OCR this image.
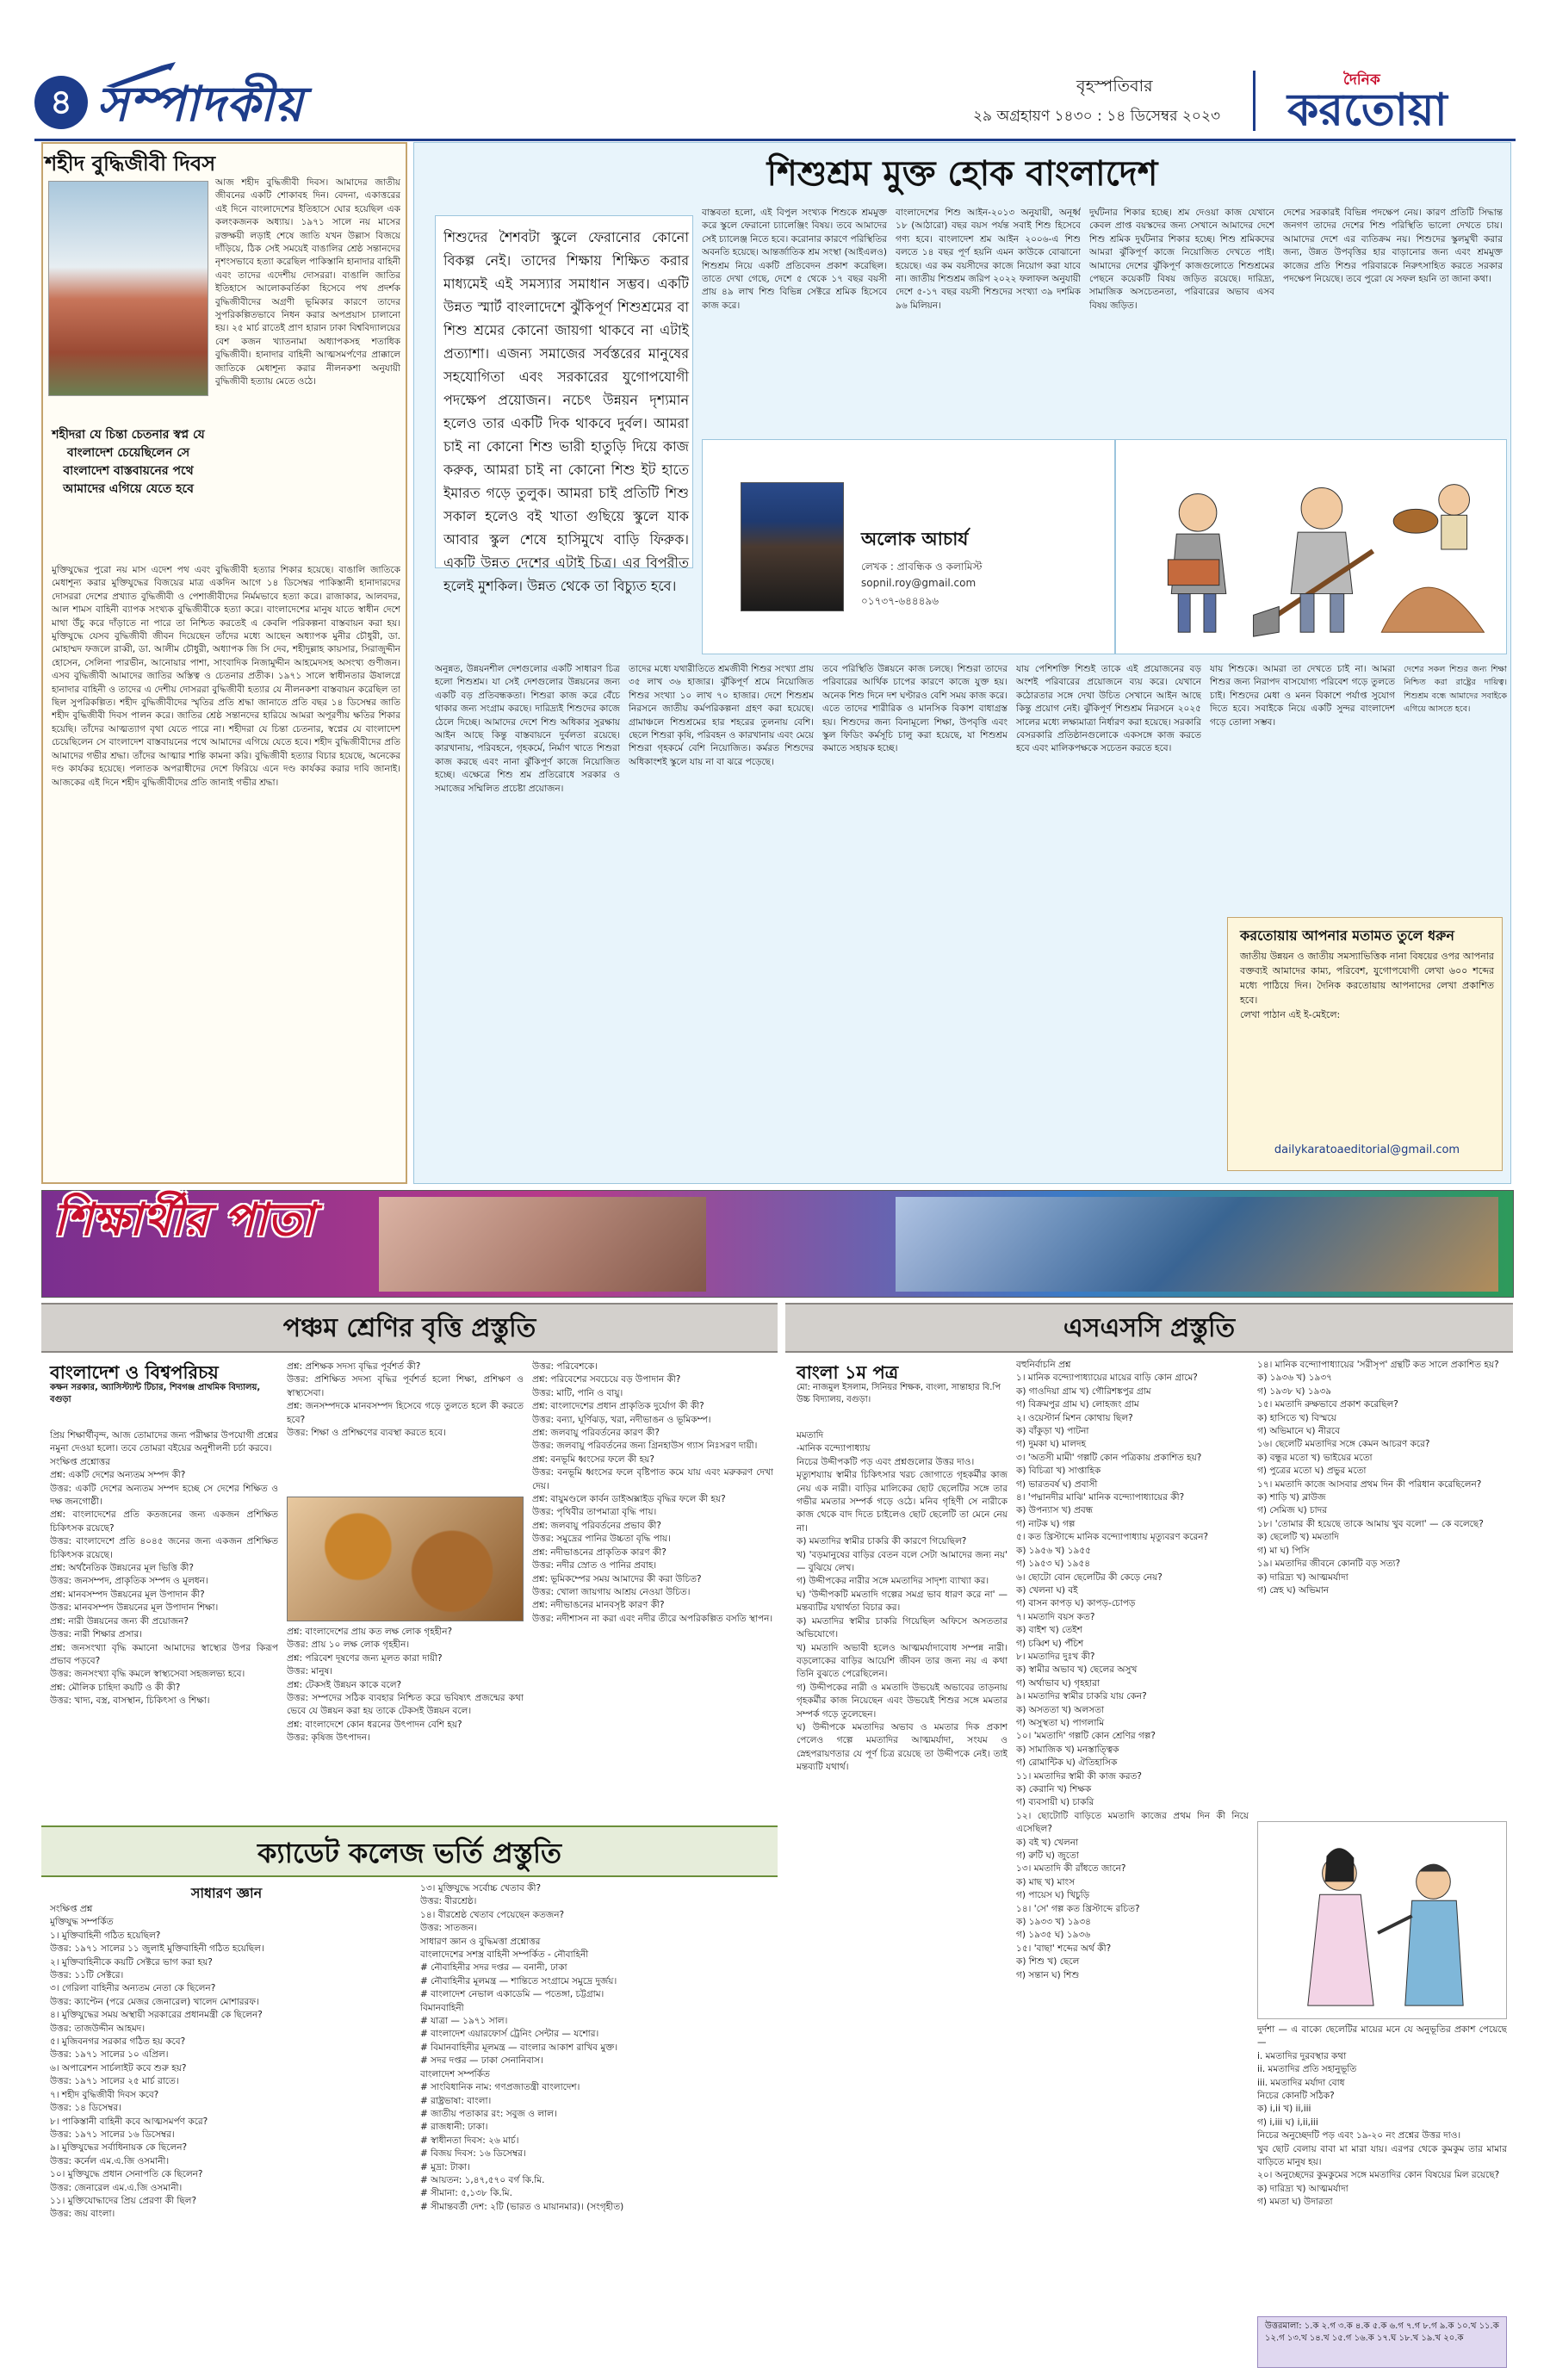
৪ সম্পাদকীয়	বৃহস্পতিবার
২৯ অগ্রহায়ণ ১৪৩০ : ১৪ ডিসেম্বর ২০২৩
দৈনিক
করতোয়া
শহীদ বুদ্ধিজীবী দিবস
শহীদরা যে চিন্তা চেতনার স্বপ্ন যে বাংলাদেশ চেয়েছিলেন সে বাংলাদেশ বাস্তবায়নের পথে আমাদের এগিয়ে যেতে হবে
আজ শহীদ বুদ্ধিজীবী দিবস। আমাদের জাতীয় জীবনের একটি শোকাবহ দিন। বেদনা, একাত্তরের এই দিনে বাংলাদেশের ইতিহাসে ঘোর হয়েছিল এক কলংকজনক অধ্যায়। ১৯৭১ সালে নয় মাসের রক্তক্ষয়ী লড়াই শেষে জাতি যখন উল্লাস বিজয়ে দাঁড়িয়ে, ঠিক সেই সময়েই বাঙালির শ্রেষ্ঠ সন্তানদের নৃশংসভাবে হত্যা করেছিল পাকিস্তানি হানাদার বাহিনী এবং তাদের এদেশীয় দোসররা। বাঙালি জাতির ইতিহাসে আলোকবর্তিকা হিসেবে পথ প্রদর্শক বুদ্ধিজীবীদের অগ্রণী ভূমিকার কারণে তাদের সুপরিকল্পিতভাবে নিধন করার অপপ্রয়াস চালানো হয়। ২৫ মার্চ রাতেই প্রাণ হারান ঢাকা বিশ্ববিদ্যালয়ের বেশ কজন খ্যাতনামা অধ্যাপকসহ শতাধিক বুদ্ধিজীবী। হানাদার বাহিনী আত্মসমর্পণের প্রাক্কালে জাতিকে মেধাশূন্য করার নীলনকশা অনুযায়ী বুদ্ধিজীবী হত্যায় মেতে ওঠে।
মুক্তিযুদ্ধের পুরো নয় মাস এদেশ পথ এবং বুদ্ধিজীবী হত্যার শিকার হয়েছে। বাঙালি জাতিকে মেধাশূন্য করার মুক্তিযুদ্ধের বিজয়ের মাত্র একদিন আগে ১৪ ডিসেম্বর পাকিস্তানী হানাদারদের দোসররা দেশের প্রখ্যাত বুদ্ধিজীবী ও পেশাজীবীদের নির্মমভাবে হত্যা করে। রাজাকার, আলবদর, আল শামস বাহিনী ব্যাপক সংখ্যক বুদ্ধিজীবীকে হত্যা করে। বাংলাদেশের মানুষ যাতে স্বাধীন দেশে মাথা উঁচু করে দাঁড়াতে না পারে তা নিশ্চিত করতেই এ কেবলি পরিকল্পনা বাস্তবায়ন করা হয়। মুক্তিযুদ্ধে যেসব বুদ্ধিজীবী জীবন দিয়েছেন তাঁদের মধ্যে আছেন অধ্যাপক মুনীর চৌধুরী, ডা. মোহাম্মদ ফজলে রাব্বী, ডা. আলীম চৌধুরী, অধ্যাপক জি সি দেব, শহীদুল্লাহ কায়সার, সিরাজুদ্দীন হোসেন, সেলিনা পারভীন, আনোয়ার পাশা, সাংবাদিক নিজামুদ্দীন আহমেদসহ অসংখ্য গুণীজন। এসব বুদ্ধিজীবী আমাদের জাতির অস্তিত্ব ও চেতনার প্রতীক। ১৯৭১ সালে স্বাধীনতার ঊষালগ্নে হানাদার বাহিনী ও তাদের এ দেশীয় দোসররা বুদ্ধিজীবী হত্যার যে নীলনকশা বাস্তবায়ন করেছিল তা ছিল সুপরিকল্পিত। শহীদ বুদ্ধিজীবীদের স্মৃতির প্রতি শ্রদ্ধা জানাতে প্রতি বছর ১৪ ডিসেম্বর জাতি শহীদ বুদ্ধিজীবী দিবস পালন করে। জাতির শ্রেষ্ঠ সন্তানদের হারিয়ে আমরা অপূরণীয় ক্ষতির শিকার হয়েছি। তাঁদের আত্মত্যাগ বৃথা যেতে পারে না। শহীদরা যে চিন্তা চেতনার, স্বপ্নের যে বাংলাদেশ চেয়েছিলেন সে বাংলাদেশ বাস্তবায়নের পথে আমাদের এগিয়ে যেতে হবে। শহীদ বুদ্ধিজীবীদের প্রতি আমাদের গভীর শ্রদ্ধা। তাঁদের আত্মার শান্তি কামনা করি। বুদ্ধিজীবী হত্যার বিচার হয়েছে, অনেকের দণ্ড কার্যকর হয়েছে। পলাতক অপরাধীদের দেশে ফিরিয়ে এনে দণ্ড কার্যকর করার দাবি জানাই। আজকের এই দিনে শহীদ বুদ্ধিজীবীদের প্রতি জানাই গভীর শ্রদ্ধা।
শিশুশ্রম মুক্ত হোক বাংলাদেশ
শিশুদের শৈশবটা স্কুলে ফেরানোর কোনো বিকল্প নেই। তাদের শিক্ষায় শিক্ষিত করার মাধ্যমেই এই সমস্যার সমাধান সম্ভব। একটি উন্নত স্মার্ট বাংলাদেশে ঝুঁকিপূর্ণ শিশুশ্রমের বা শিশু শ্রমের কোনো জায়গা থাকবে না এটাই প্রত্যাশা। এজন্য সমাজের সর্বস্তরের মানুষের সহযোগিতা এবং সরকারের যুগোপযোগী পদক্ষেপ প্রয়োজন। নচেৎ উন্নয়ন দৃশ্যমান হলেও তার একটি দিক থাকবে দুর্বল। আমরা চাই না কোনো শিশু ভারী হাতুড়ি দিয়ে কাজ করুক, আমরা চাই না কোনো শিশু ইট হাতে ইমারত গড়ে তুলুক। আমরা চাই প্রতিটি শিশু সকাল হলেও বই খাতা গুছিয়ে স্কুলে যাক আবার স্কুল শেষে হাসিমুখে বাড়ি ফিরুক। একটি উন্নত দেশের এটাই চিত্র। এর বিপরীত হলেই মুশকিল। উন্নত থেকে তা বিচ্যুত হবে।
বাস্তবতা হলো, এই বিপুল সংখ্যক শিশুকে শ্রমমুক্ত করে স্কুলে ফেরানো চ্যালেঞ্জিং বিষয়। তবে আমাদের সেই চ্যালেঞ্জ নিতে হবে। করোনার কারণে পরিস্থিতির অবনতি হয়েছে। আন্তর্জাতিক শ্রম সংস্থা (আইএলও) শিশুশ্রম নিয়ে একটি প্রতিবেদন প্রকাশ করেছিল। তাতে দেখা গেছে, দেশে ৫ থেকে ১৭ বছর বয়সী প্রায় ৪৯ লাখ শিশু বিভিন্ন সেক্টরে শ্রমিক হিসেবে কাজ করে।
বাংলাদেশের শিশু আইন-২০১৩ অনুযায়ী, অনূর্ধ্ব ১৮ (আঠারো) বছর বয়স পর্যন্ত সবাই শিশু হিসেবে গণ্য হবে। বাংলাদেশ শ্রম আইন ২০০৬-এ শিশু বলতে ১৪ বছর পূর্ণ হয়নি এমন কাউকে বোঝানো হয়েছে। এর কম বয়সীদের কাজে নিয়োগ করা যাবে না। জাতীয় শিশুশ্রম জরিপ ২০২২ ফলাফল অনুযায়ী দেশে ৫-১৭ বছর বয়সী শিশুদের সংখ্যা ৩৯ দশমিক ৯৬ মিলিয়ন।
দুর্ঘটনার শিকার হচ্ছে। শ্রম দেওয়া কাজ যেখানে কেবল প্রাপ্ত বয়স্কদের জন্য সেখানে আমাদের দেশে শিশু শ্রমিক দুর্ঘটনার শিকার হচ্ছে। শিশু শ্রমিকদের আমরা ঝুঁকিপূর্ণ কাজে নিয়োজিত দেখতে পাই। আমাদের দেশের ঝুঁকিপূর্ণ কাজগুলোতে শিশুশ্রমের পেছনে কয়েকটি বিষয় জড়িত রয়েছে। দারিদ্র্য, সামাজিক অসচেতনতা, পরিবারের অভাব এসব বিষয় জড়িত।
দেশের সরকারই বিভিন্ন পদক্ষেপ নেয়। কারণ প্রতিটি সিদ্ধান্ত জনগণ তাদের দেশের শিশু পরিস্থিতি ভালো দেখতে চায়। আমাদের দেশে এর ব্যতিক্রম নয়। শিশুদের স্কুলমুখী করার জন্য, উন্নত উপবৃত্তির হার বাড়ানোর জন্য এবং শ্রমমুক্ত কাজের প্রতি শিশুর পরিবারকে নিরুৎসাহিত করতে সরকার পদক্ষেপ নিয়েছে। তবে পুরো যে সফল হয়নি তা জানা কথা।
অলোক আচার্য
লেখক : প্রাবন্ধিক ও কলামিস্ট
sopnil.roy@gmail.com
০১৭৩৭-৬৪৪৪৯৬
অনুন্নত, উন্নয়নশীল দেশগুলোর একটি সাধারণ চিত্র হলো শিশুশ্রম। যা সেই দেশগুলোর উন্নয়নের জন্য একটি বড় প্রতিবন্ধকতা। শিশুরা কাজ করে বেঁচে থাকার জন্য সংগ্রাম করছে। দারিদ্র্যই শিশুদের কাজে ঠেলে দিচ্ছে। আমাদের দেশে শিশু অধিকার সুরক্ষায় আইন আছে কিন্তু বাস্তবায়নে দুর্বলতা রয়েছে। কারখানায়, পরিবহনে, গৃহকর্মে, নির্মাণ খাতে শিশুরা কাজ করছে এবং নানা ঝুঁকিপূর্ণ কাজে নিয়োজিত হচ্ছে। এক্ষেত্রে শিশু শ্রম প্রতিরোধে সরকার ও সমাজের সম্মিলিত প্রচেষ্টা প্রয়োজন।
তাদের মধ্যে যথারীতিতে শ্রমজীবী শিশুর সংখ্যা প্রায় ৩৫ লাখ ৩৬ হাজার। ঝুঁকিপূর্ণ শ্রমে নিয়োজিত শিশুর সংখ্যা ১০ লাখ ৭০ হাজার। দেশে শিশুশ্রম নিরসনে জাতীয় কর্মপরিকল্পনা গ্রহণ করা হয়েছে। গ্রামাঞ্চলে শিশুশ্রমের হার শহরের তুলনায় বেশি। ছেলে শিশুরা কৃষি, পরিবহন ও কারখানায় এবং মেয়ে শিশুরা গৃহকর্মে বেশি নিয়োজিত। কর্মরত শিশুদের অধিকাংশই স্কুলে যায় না বা ঝরে পড়েছে।
তবে পরিস্থিতি উন্নয়নে কাজ চলছে। শিশুরা তাদের পরিবারের আর্থিক চাপের কারণে কাজে যুক্ত হয়। অনেক শিশু দিনে দশ ঘণ্টারও বেশি সময় কাজ করে। এতে তাদের শারীরিক ও মানসিক বিকাশ বাধাগ্রস্ত হয়। শিশুদের জন্য বিনামূল্যে শিক্ষা, উপবৃত্তি এবং স্কুল ফিডিং কর্মসূচি চালু করা হয়েছে, যা শিশুশ্রম কমাতে সহায়ক হচ্ছে।
যায় পেশিশক্তি শিশুই তাকে এই প্রয়োজনের বড় অংশই পরিবারের প্রয়োজনে ব্যয় করে। যেখানে কঠোরতার সঙ্গে দেখা উচিত সেখানে আইন আছে কিন্তু প্রয়োগ নেই। ঝুঁকিপূর্ণ শিশুশ্রম নিরসনে ২০২৫ সালের মধ্যে লক্ষ্যমাত্রা নির্ধারণ করা হয়েছে। সরকারি বেসরকারি প্রতিষ্ঠানগুলোকে একসঙ্গে কাজ করতে হবে এবং মালিকপক্ষকে সচেতন করতে হবে।
যায় শিশুকে। আমরা তা দেখতে চাই না। আমরা শিশুর জন্য নিরাপদ বাসযোগ্য পরিবেশ গড়ে তুলতে চাই। শিশুদের মেধা ও মনন বিকাশে পর্যাপ্ত সুযোগ দিতে হবে। সবাইকে নিয়ে একটি সুন্দর বাংলাদেশ গড়ে তোলা সম্ভব।
দেশের সকল শিশুর জন্য শিক্ষা নিশ্চিত করা রাষ্ট্রের দায়িত্ব। শিশুশ্রম বন্ধে আমাদের সবাইকে এগিয়ে আসতে হবে।
করতোয়ায় আপনার মতামত তুলে ধরুন
জাতীয় উন্নয়ন ও জাতীয় সমস্যাভিত্তিক নানা বিষয়ের ওপর আপনার বক্তব্যই আমাদের কাম্য, পরিবেশ, যুগোপযোগী লেখা ৬০০ শব্দের মধ্যে পাঠিয়ে দিন। দৈনিক করতোয়ায় আপনাদের লেখা প্রকাশিত হবে।
লেখা পাঠান এই ই-মেইলে:
dailykaratoaeditorial@gmail.com
শিক্ষার্থীর পাতা
পঞ্চম শ্রেণির বৃত্তি প্রস্তুতি
বাংলাদেশ ও বিশ্বপরিচয়
কক্ষন সরকার, অ্যাসিস্ট্যান্ট টিচার, শিবগঞ্জ প্রাথমিক বিদ্যালয়, বগুড়া
প্রিয় শিক্ষার্থীবৃন্দ, আজ তোমাদের জন্য পরীক্ষার উপযোগী প্রশ্নের নমুনা দেওয়া হলো। তবে তোমরা বইয়ের অনুশীলনী চর্চা করবে।
সংক্ষিপ্ত প্রশ্নোত্তর
প্রশ্ন: একটি দেশের অন্যতম সম্পদ কী?
উত্তর: একটি দেশের অন্যতম সম্পদ হচ্ছে সে দেশের শিক্ষিত ও দক্ষ জনগোষ্ঠী।
প্রশ্ন: বাংলাদেশের প্রতি কতজনের জন্য একজন প্রশিক্ষিত চিকিৎসক রয়েছে?
উত্তর: বাংলাদেশে প্রতি ৪০৪৫ জনের জন্য একজন প্রশিক্ষিত চিকিৎসক রয়েছে।
প্রশ্ন: অর্থনৈতিক উন্নয়নের মূল ভিত্তি কী?
উত্তর: জনসম্পদ, প্রাকৃতিক সম্পদ ও মূলধন।
প্রশ্ন: মানবসম্পদ উন্নয়নের মূল উপাদান কী?
উত্তর: মানবসম্পদ উন্নয়নের মূল উপাদান শিক্ষা।
প্রশ্ন: নারী উন্নয়নের জন্য কী প্রয়োজন?
উত্তর: নারী শিক্ষার প্রসার।
প্রশ্ন: জনসংখ্যা বৃদ্ধি কমানো আমাদের স্বাস্থ্যের উপর কিরূপ প্রভাব পড়বে?
উত্তর: জনসংখ্যা বৃদ্ধি কমলে স্বাস্থ্যসেবা সহজলভ্য হবে।
প্রশ্ন: মৌলিক চাহিদা কয়টি ও কী কী?
উত্তর: খাদ্য, বস্ত্র, বাসস্থান, চিকিৎসা ও শিক্ষা।
প্রশ্ন: প্রশিক্ষক সদস্য বৃদ্ধির পূর্বশর্ত কী?
উত্তর: প্রশিক্ষিত সদস্য বৃদ্ধির পূর্বশর্ত হলো শিক্ষা, প্রশিক্ষণ ও স্বাস্থ্যসেবা।
প্রশ্ন: জনসম্পদকে মানবসম্পদ হিসেবে গড়ে তুলতে হলে কী করতে হবে?
উত্তর: শিক্ষা ও প্রশিক্ষণের ব্যবস্থা করতে হবে।
প্রশ্ন: বাংলাদেশের প্রায় কত লক্ষ লোক গৃহহীন?
উত্তর: প্রায় ১০ লক্ষ লোক গৃহহীন।
প্রশ্ন: পরিবেশ দূষণের জন্য মূলত কারা দায়ী?
উত্তর: মানুষ।
প্রশ্ন: টেকসই উন্নয়ন কাকে বলে?
উত্তর: সম্পদের সঠিক ব্যবহার নিশ্চিত করে ভবিষ্যৎ প্রজন্মের কথা ভেবে যে উন্নয়ন করা হয় তাকে টেকসই উন্নয়ন বলে।
প্রশ্ন: বাংলাদেশে কোন ধরনের উৎপাদন বেশি হয়?
উত্তর: কৃষিজ উৎপাদন।
উত্তর: পরিবেশকে।
প্রশ্ন: পরিবেশের সবচেয়ে বড় উপাদান কী?
উত্তর: মাটি, পানি ও বায়ু।
প্রশ্ন: বাংলাদেশের প্রধান প্রাকৃতিক দুর্যোগ কী কী?
উত্তর: বন্যা, ঘূর্ণিঝড়, খরা, নদীভাঙন ও ভূমিকম্প।
প্রশ্ন: জলবায়ু পরিবর্তনের কারণ কী?
উত্তর: জলবায়ু পরিবর্তনের জন্য গ্রিনহাউস গ্যাস নিঃসরণ দায়ী।
প্রশ্ন: বনভূমি ধ্বংসের ফলে কী হয়?
উত্তর: বনভূমি ধ্বংসের ফলে বৃষ্টিপাত কমে যায় এবং মরুকরণ দেখা দেয়।
প্রশ্ন: বায়ুমণ্ডলে কার্বন ডাইঅক্সাইড বৃদ্ধির ফলে কী হয়?
উত্তর: পৃথিবীর তাপমাত্রা বৃদ্ধি পায়।
প্রশ্ন: জলবায়ু পরিবর্তনের প্রভাব কী?
উত্তর: সমুদ্রের পানির উচ্চতা বৃদ্ধি পায়।
প্রশ্ন: নদীভাঙনের প্রাকৃতিক কারণ কী?
উত্তর: নদীর স্রোত ও পানির প্রবাহ।
প্রশ্ন: ভূমিকম্পের সময় আমাদের কী করা উচিত?
উত্তর: খোলা জায়গায় আশ্রয় নেওয়া উচিত।
প্রশ্ন: নদীভাঙনের মানবসৃষ্ট কারণ কী?
উত্তর: নদীশাসন না করা এবং নদীর তীরে অপরিকল্পিত বসতি স্থাপন।
ক্যাডেট কলেজ ভর্তি প্রস্তুতি
সাধারণ জ্ঞান
সংক্ষিপ্ত প্রশ্ন
মুক্তিযুদ্ধ সম্পর্কিত
১। মুক্তিবাহিনী গঠিত হয়েছিল?
উত্তর: ১৯৭১ সালের ১১ জুলাই মুক্তিবাহিনী গঠিত হয়েছিল।
২। মুক্তিবাহিনীকে কয়টি সেক্টরে ভাগ করা হয়?
উত্তর: ১১টি সেক্টরে।
৩। গেরিলা বাহিনীর অন্যতম নেতা কে ছিলেন?
উত্তর: ক্যাপ্টেন (পরে মেজর জেনারেল) খালেদ মোশাররফ।
৪। মুক্তিযুদ্ধের সময় অস্থায়ী সরকারের প্রধানমন্ত্রী কে ছিলেন?
উত্তর: তাজউদ্দীন আহমদ।
৫। মুজিবনগর সরকার গঠিত হয় কবে?
উত্তর: ১৯৭১ সালের ১০ এপ্রিল।
৬। অপারেশন সার্চলাইট কবে শুরু হয়?
উত্তর: ১৯৭১ সালের ২৫ মার্চ রাতে।
৭। শহীদ বুদ্ধিজীবী দিবস কবে?
উত্তর: ১৪ ডিসেম্বর।
৮। পাকিস্তানী বাহিনী কবে আত্মসমর্পণ করে?
উত্তর: ১৯৭১ সালের ১৬ ডিসেম্বর।
৯। মুক্তিযুদ্ধের সর্বাধিনায়ক কে ছিলেন?
উত্তর: কর্নেল এম.এ.জি ওসমানী।
১০। মুক্তিযুদ্ধে প্রধান সেনাপতি কে ছিলেন?
উত্তর: জেনারেল এম.এ.জি ওসমানী।
১১। মুক্তিযোদ্ধাদের প্রিয় প্রেরণা কী ছিল?
উত্তর: জয় বাংলা।
১৩। মুক্তিযুদ্ধে সর্বোচ্চ খেতাব কী?
উত্তর: বীরশ্রেষ্ঠ।
১৪। বীরশ্রেষ্ঠ খেতাব পেয়েছেন কতজন?
উত্তর: সাতজন।
সাধারণ জ্ঞান ও বুদ্ধিমত্তা প্রশ্নোত্তর
বাংলাদেশের সশস্ত্র বাহিনী সম্পর্কিত - নৌবাহিনী
# নৌবাহিনীর সদর দপ্তর — বনানী, ঢাকা
# নৌবাহিনীর মূলমন্ত্র — শান্তিতে সংগ্রামে সমুদ্রে দুর্জয়।
# বাংলাদেশ নেভাল একাডেমি — পতেঙ্গা, চট্টগ্রাম।
বিমানবাহিনী
# যাত্রা — ১৯৭১ সাল।
# বাংলাদেশ এয়ারফোর্স ট্রেনিং সেন্টার — যশোর।
# বিমানবাহিনীর মূলমন্ত্র — বাংলার আকাশ রাখিব মুক্ত।
# সদর দপ্তর — ঢাকা সেনানিবাস।
বাংলাদেশ সম্পর্কিত
# সাংবিধানিক নাম: গণপ্রজাতন্ত্রী বাংলাদেশ।
# রাষ্ট্রভাষা: বাংলা।
# জাতীয় পতাকার রং: সবুজ ও লাল।
# রাজধানী: ঢাকা।
# স্বাধীনতা দিবস: ২৬ মার্চ।
# বিজয় দিবস: ১৬ ডিসেম্বর।
# মুদ্রা: টাকা।
# আয়তন: ১,৪৭,৫৭০ বর্গ কি.মি.
# সীমানা: ৫,১৩৮ কি.মি.
# সীমান্তবর্তী দেশ: ২টি (ভারত ও মায়ানমার)। (সংগৃহীত)
এসএসসি প্রস্তুতি
বাংলা ১ম পত্র
মো: নাজমুল ইসলাম, সিনিয়র শিক্ষক, বাংলা, সান্তাহার বি.পি উচ্চ বিদ্যালয়, বগুড়া।
মমতাদি
-মানিক বন্দ্যোপাধ্যায়
নিচের উদ্দীপকটি পড় এবং প্রশ্নগুলোর উত্তর দাও।
মৃত্যুশয্যায় স্বামীর চিকিৎসার খরচ জোগাতে গৃহকর্মীর কাজ নেয় এক নারী। বাড়ির মালিকের ছোট ছেলেটির সঙ্গে তার গভীর মমতার সম্পর্ক গড়ে ওঠে। মনিব গৃহিণী সে নারীকে কাজ থেকে বাদ দিতে চাইলেও ছোট ছেলেটি তা মেনে নেয় না।
ক) মমতাদির স্বামীর চাকরি কী কারণে গিয়েছিল?
খ) 'বড়মানুষের বাড়ির বেতন বলে সেটা আমাদের জন্য নয়' — বুঝিয়ে লেখ।
গ) উদ্দীপকের নারীর সঙ্গে মমতাদির সাদৃশ্য ব্যাখ্যা কর।
ঘ) 'উদ্দীপকটি মমতাদি গল্পের সমগ্র ভাব ধারণ করে না' — মন্তব্যটির যথার্থতা বিচার কর।
ক) মমতাদির স্বামীর চাকরি গিয়েছিল অফিসে অসততার অভিযোগে।
খ) মমতাদি অভাবী হলেও আত্মমর্যাদাবোধ সম্পন্ন নারী। বড়লোকের বাড়ির আয়েশি জীবন তার জন্য নয় এ কথা তিনি বুঝতে পেরেছিলেন।
গ) উদ্দীপকের নারী ও মমতাদি উভয়েই অভাবের তাড়নায় গৃহকর্মীর কাজ নিয়েছেন এবং উভয়েই শিশুর সঙ্গে মমতার সম্পর্ক গড়ে তুলেছেন।
ঘ) উদ্দীপকে মমতাদির অভাব ও মমতার দিক প্রকাশ পেলেও গল্পে মমতাদির আত্মমর্যাদা, সংযম ও স্নেহপরায়ণতার যে পূর্ণ চিত্র রয়েছে তা উদ্দীপকে নেই। তাই মন্তব্যটি যথার্থ।
বহুনির্বাচনি প্রশ্ন
১। মানিক বন্দ্যোপাধ্যায়ের মায়ের বাড়ি কোন গ্রামে?
ক) গাওদিয়া গ্রাম খ) গৌরিশঙ্কপুর গ্রাম
গ) বিক্রমপুর গ্রাম ঘ) লোহজং গ্রাম
২। ওয়েস্টার্ন মিশন কোথায় ছিল?
ক) বাঁকুড়া খ) পাটনা
গ) দুমকা ঘ) মালদহ
৩। 'অতসী মামী' গল্পটি কোন পত্রিকায় প্রকাশিত হয়?
ক) বিচিত্রা খ) সাপ্তাহিক
গ) ভারতবর্ষ ঘ) প্রবাসী
৪। 'পদ্মানদীর মাঝি' মানিক বন্দ্যোপাধ্যায়ের কী?
ক) উপন্যাস খ) প্রবন্ধ
গ) নাটক ঘ) গল্প
৫। কত খ্রিস্টাব্দে মানিক বন্দ্যোপাধ্যায় মৃত্যুবরণ করেন?
ক) ১৯৫৬ খ) ১৯৫৫
গ) ১৯৫৩ ঘ) ১৯৫৪
৬। ছোটো বোন ছেলেটির কী কেড়ে নেয়?
ক) খেলনা ঘ) বই
গ) বাসন কাপড় ঘ) কাপড়-চোপড়
৭। মমতাদি বয়স কত?
ক) বাইশ খ) তেইশ
গ) চব্বিশ ঘ) পঁচিশ
৮। মমতাদির দুঃখ কী?
ক) স্বামীর অভাব খ) ছেলের অসুখ
গ) অর্থাভাব ঘ) গৃহহারা
৯। মমতাদির স্বামীর চাকরি যায় কেন?
ক) অসততা খ) অলসতা
গ) অসুস্থতা ঘ) পাগলামি
১০। 'মমতাদি' গল্পটি কোন শ্রেণির গল্প?
ক) সামাজিক খ) মনস্তাত্ত্বিক
গ) রোমান্টিক ঘ) ঐতিহাসিক
১১। মমতাদির স্বামী কী কাজ করত?
ক) কেরানি খ) শিক্ষক
গ) ব্যবসায়ী ঘ) চাকরি
১২। ছোটোটি বাড়িতে মমতাদি কাজের প্রথম দিন কী নিয়ে এসেছিল?
ক) বই খ) খেলনা
গ) রুটি ঘ) জুতো
১৩। মমতাদি কী রাঁধতে জানে?
ক) মাছ খ) মাংস
গ) পায়েস ঘ) খিচুড়ি
১৪। 'সে' গল্প কত খ্রিস্টাব্দে রচিত?
ক) ১৯৩৩ খ) ১৯৩৪
গ) ১৯৩৫ ঘ) ১৯৩৬
১৫। 'বাছা' শব্দের অর্থ কী?
ক) শিশু খ) ছেলে
গ) সন্তান ঘ) শিশু
১৪। মানিক বন্দ্যোপাধ্যায়ের 'সরীসৃপ' গ্রন্থটি কত সালে প্রকাশিত হয়?
ক) ১৯৩৬ খ) ১৯৩৭
গ) ১৯৩৮ ঘ) ১৯৩৯
১৫। মমতাদি রুক্ষভাবে প্রকাশ করেছিল?
ক) হাসিতে খ) বিস্ময়ে
গ) অভিমানে ঘ) নীরবে
১৬। ছেলেটি মমতাদির সঙ্গে কেমন আচরণ করে?
ক) বন্ধুর মতো খ) ভাইয়ের মতো
গ) পুত্রের মতো ঘ) প্রভুর মতো
১৭। মমতাদি কাজে আসবার প্রথম দিন কী পরিধান করেছিলেন?
ক) শাড়ি খ) ব্লাউজ
গ) সেমিজ ঘ) চাদর
১৮। 'তোমার কী হয়েছে তাকে আমায় খুব বলো' — কে বলেছে?
ক) ছেলেটি খ) মমতাদি
গ) মা ঘ) পিসি
১৯। মমতাদির জীবনে কোনটি বড় সত্য?
ক) দারিদ্র্য খ) আত্মমর্যাদা
গ) স্নেহ ঘ) অভিমান
দুর্দশা — এ বাক্যে ছেলেটির মায়ের মনে যে অনুভূতির প্রকাশ পেয়েছে —
i. মমতাদির দুরবস্থার কথা
ii. মমতাদির প্রতি সহানুভূতি
iii. মমতাদির মর্যাদা বোধ
নিচের কোনটি সঠিক?
ক) i,ii খ) ii,iii
গ) i,iii ঘ) i,ii,iii
নিচের অনুচ্ছেদটি পড় এবং ১৯-২০ নং প্রশ্নের উত্তর দাও।
খুব ছোট বেলায় বাবা মা মারা যায়। এরপর থেকে কুমকুম তার মামার বাড়িতে মানুষ হয়।
২০। অনুচ্ছেদের কুমকুমের সঙ্গে মমতাদির কোন বিষয়ের মিল রয়েছে?
ক) দারিদ্র্য খ) আত্মমর্যাদা
গ) মমতা ঘ) উদারতা
উত্তরমালা: ১.ক ২.গ ৩.ক ৪.ক ৫.ক ৬.গ ৭.গ ৮.গ ৯.ক ১০.খ ১১.ক ১২.গ ১৩.খ ১৪.খ ১৫.গ ১৬.ক ১৭.ঘ ১৮.খ ১৯.খ ২০.ক
